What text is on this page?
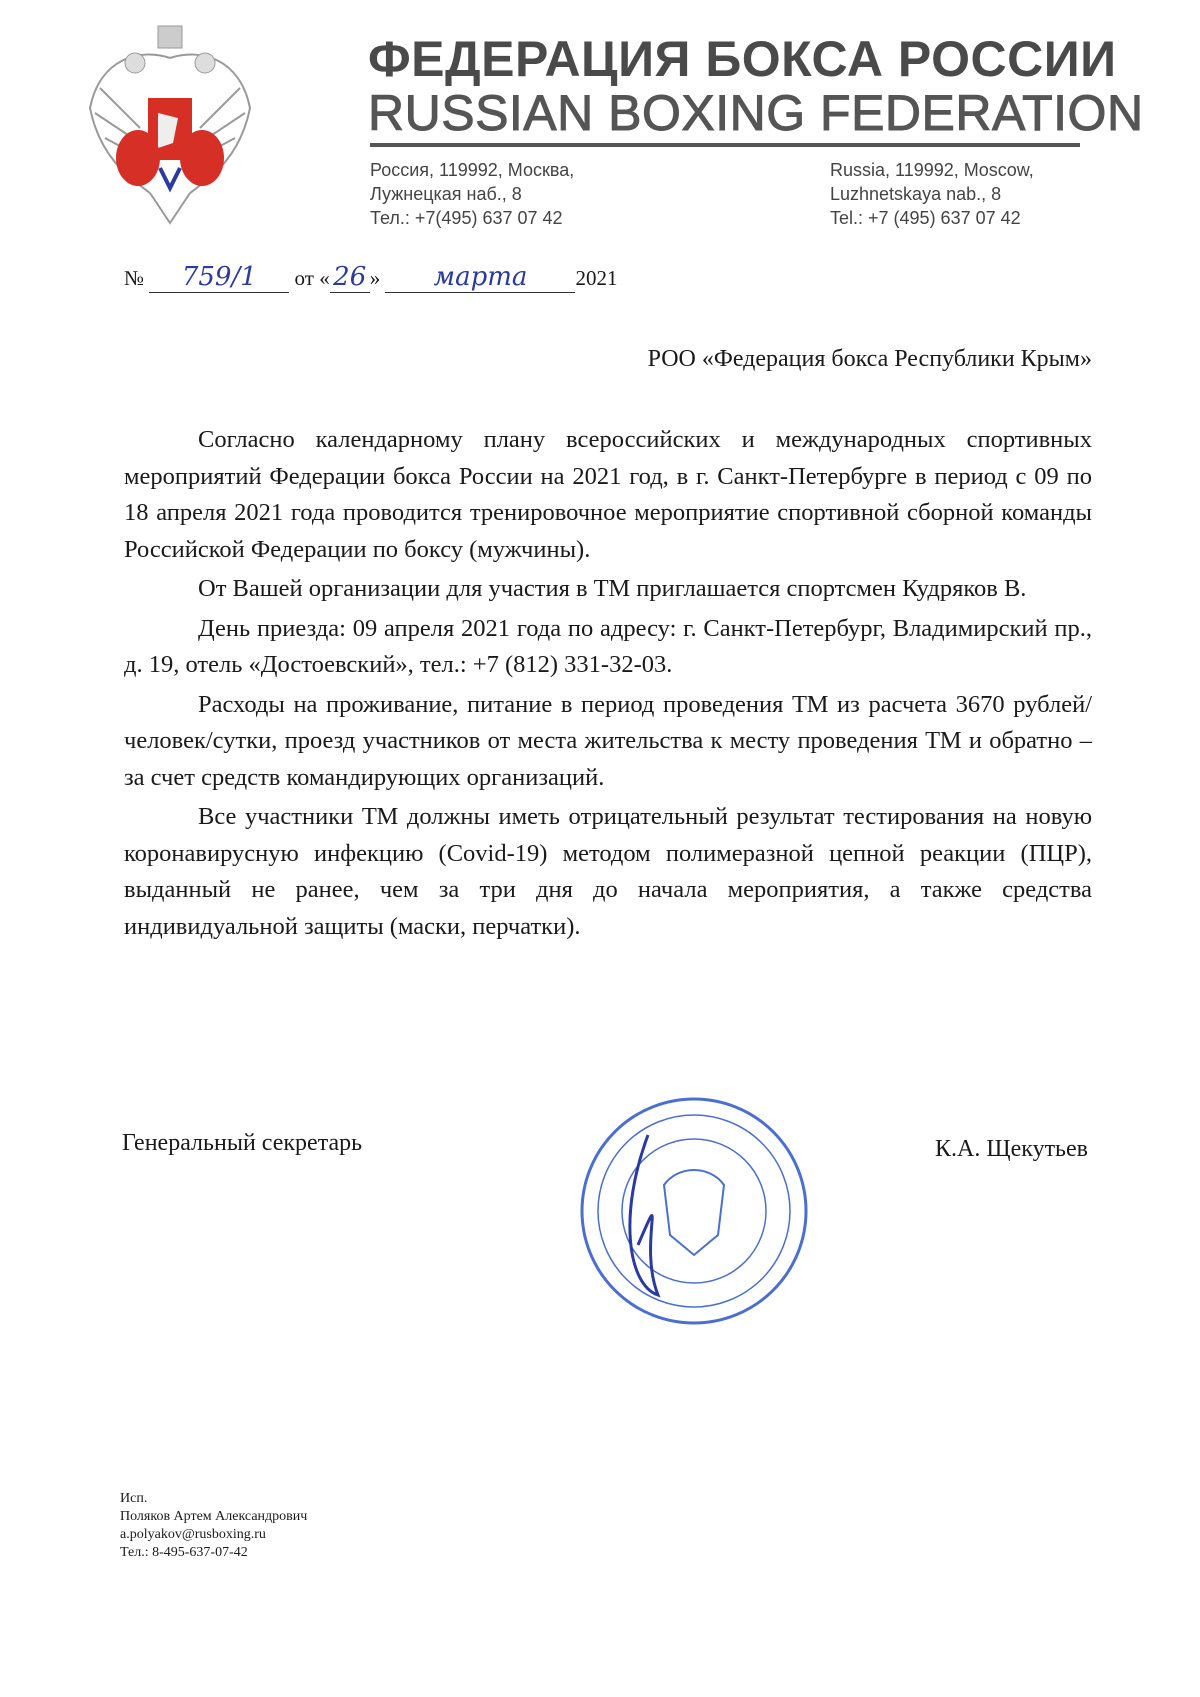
ФЕДЕРАЦИЯ БОКСА РОССИИ
RUSSIAN BOXING FEDERATION
Россия, 119992, Москва,
Лужнецкая наб., 8
Тел.: +7(495) 637 07 42
Russia, 119992, Moscow,
Luzhnetskaya nab., 8
Tel.: +7 (495) 637 07 42
№ 759/1 от « 26 » марта 2021
РОО «Федерация бокса Республики Крым»

Согласно календарному плану всероссийских и международных спортивных мероприятий Федерации бокса России на 2021 год, в г. Санкт-Петербурге в период с 09 по 18 апреля 2021 года проводится тренировочное мероприятие спортивной сборной команды Российской Федерации по боксу (мужчины).

От Вашей организации для участия в ТМ приглашается спортсмен Кудряков В.

День приезда: 09 апреля 2021 года по адресу: г. Санкт-Петербург, Владимирский пр., д. 19, отель «Достоевский», тел.: +7 (812) 331-32-03.

Расходы на проживание, питание в период проведения ТМ из расчета 3670 рублей/человек/сутки, проезд участников от места жительства к месту проведения ТМ и обратно – за счет средств командирующих организаций.

Все участники ТМ должны иметь отрицательный результат тестирования на новую коронавирусную инфекцию (Covid-19) методом полимеразной цепной реакции (ПЦР), выданный не ранее, чем за три дня до начала мероприятия, а также средства индивидуальной защиты (маски, перчатки).

Генеральный секретарь	К.А. Щекутьев
Исп.
Поляков Артем Александрович
a.polyakov@rusboxing.ru
Тел.: 8-495-637-07-42
